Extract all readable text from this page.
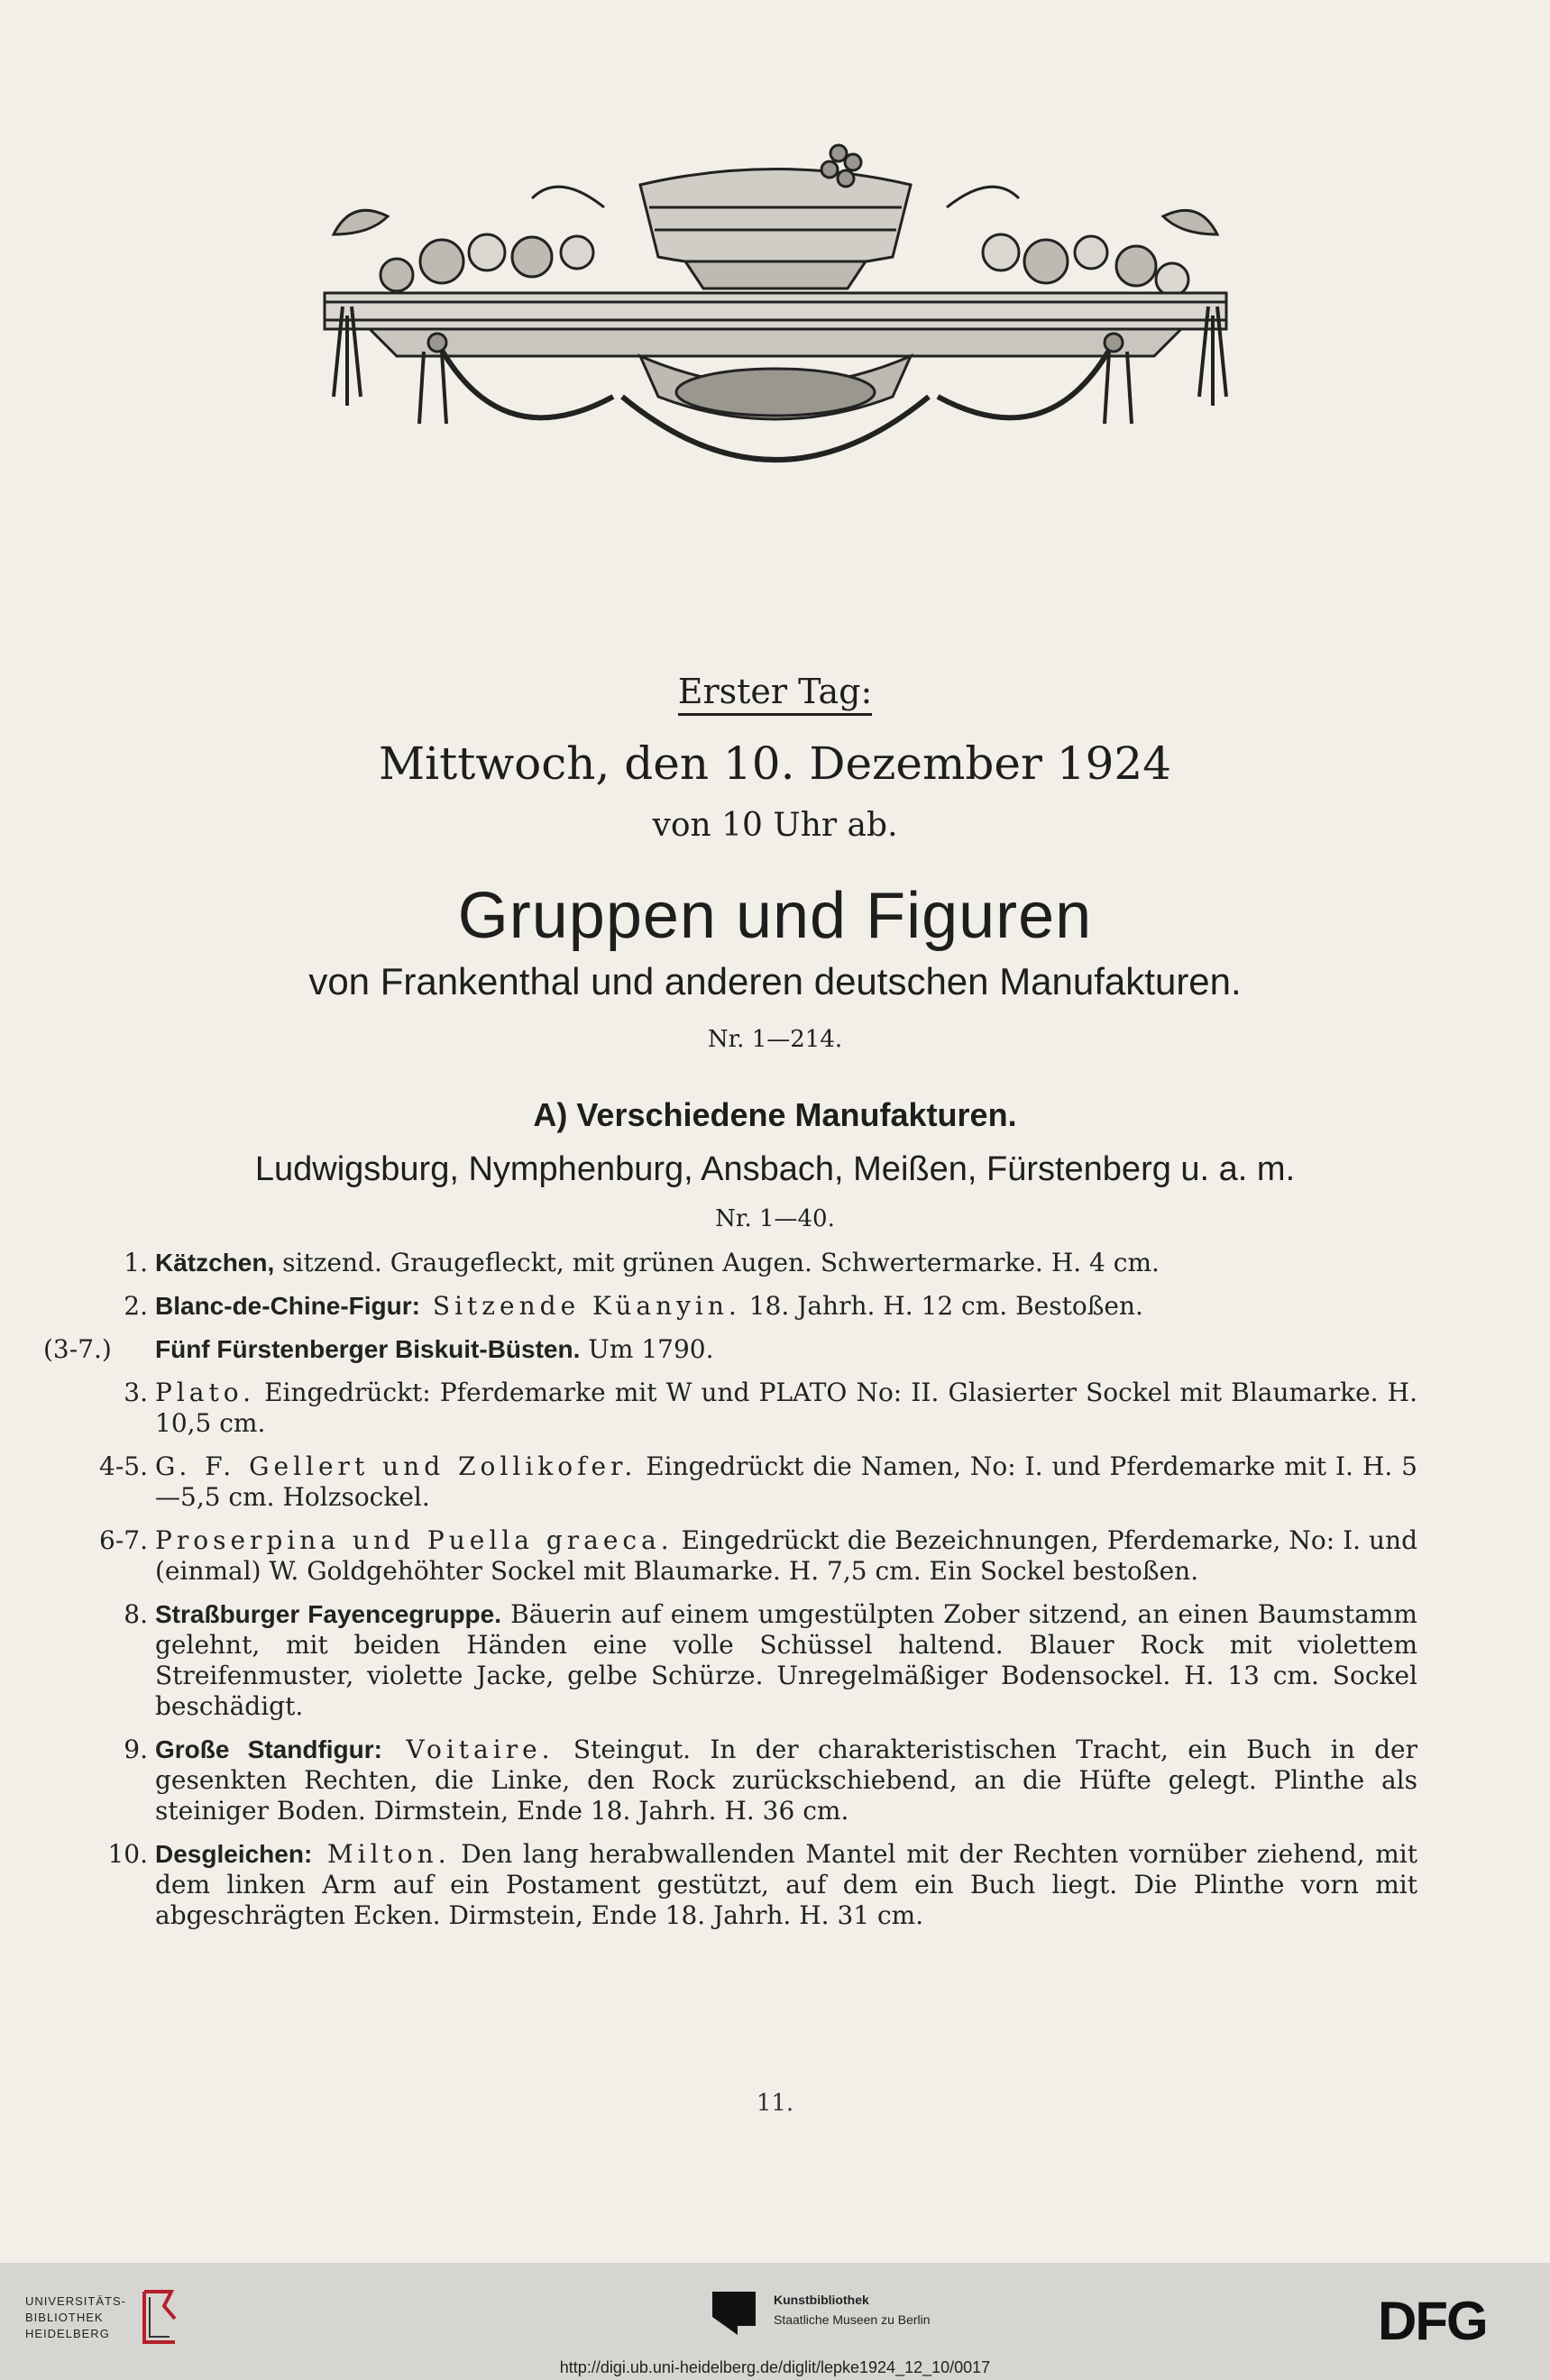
Erster Tag:
Mittwoch, den 10. Dezember 1924
von 10 Uhr ab.
Gruppen und Figuren
von Frankenthal und anderen deutschen Manufakturen.
Nr. 1—214.
A) Verschiedene Manufakturen.
Ludwigsburg, Nymphenburg, Ansbach, Meißen, Fürstenberg u. a. m.
Nr. 1—40.
1. Kätzchen, sitzend. Graugefleckt, mit grünen Augen. Schwertermarke. H. 4 cm.
2. Blanc-de-Chine-Figur: Sitzende Küanyin. 18. Jahrh. H. 12 cm. Bestoßen.
(3-7.)	Fünf Fürstenberger Biskuit-Büsten. Um 1790.
3. Plato. Eingedrückt: Pferdemarke mit W und PLATO No: II. Glasierter Sockel mit Blaumarke. H. 10,5 cm.
4-5. G. F. Gellert und Zollikofer. Eingedrückt die Namen, No: I. und Pferdemarke mit I. H. 5—5,5 cm. Holzsockel.
6-7. Proserpina und Puella graeca. Eingedrückt die Bezeichnungen, Pferdemarke, No: I. und (einmal) W. Goldgehöhter Sockel mit Blaumarke. H. 7,5 cm. Ein Sockel bestoßen.
8. Straßburger Fayencegruppe. Bäuerin auf einem umgestülpten Zober sitzend, an einen Baumstamm gelehnt, mit beiden Händen eine volle Schüssel haltend. Blauer Rock mit violettem Streifenmuster, violette Jacke, gelbe Schürze. Unregelmäßiger Bodensockel. H. 13 cm. Sockel beschädigt.
9. Große Standfigur: Voitaire. Steingut. In der charakteristischen Tracht, ein Buch in der gesenkten Rechten, die Linke, den Rock zurückschiebend, an die Hüfte gelegt. Plinthe als steiniger Boden. Dirmstein, Ende 18. Jahrh. H. 36 cm.
10. Desgleichen: Milton. Den lang herabwallenden Mantel mit der Rechten vornüber ziehend, mit dem linken Arm auf ein Postament gestützt, auf dem ein Buch liegt. Die Plinthe vorn mit abgeschrägten Ecken. Dirmstein, Ende 18. Jahrh. H. 31 cm.
11.
UNIVERSITÄTS-
BIBLIOTHEK
HEIDELBERG
Kunstbibliothek
Staatliche Museen zu Berlin	DFG
http://digi.ub.uni-heidelberg.de/diglit/lepke1924_12_10/0017
